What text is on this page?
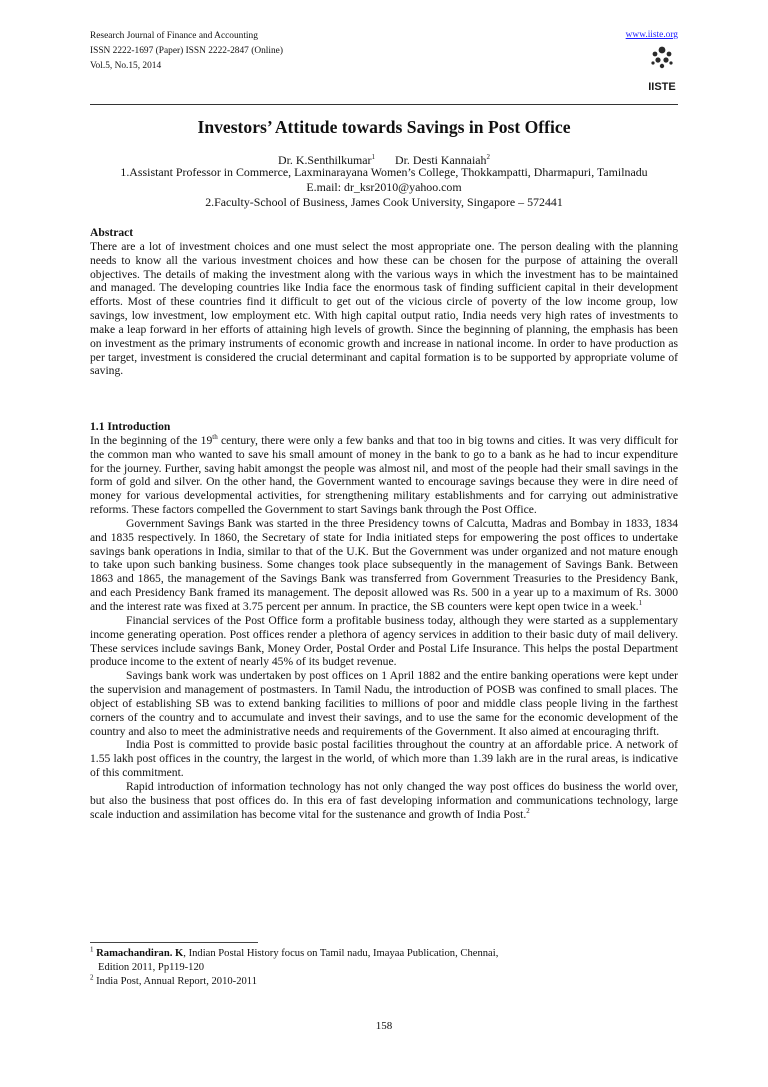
Research Journal of Finance and Accounting
ISSN 2222-1697 (Paper) ISSN 2222-2847 (Online)
Vol.5, No.15, 2014
www.iiste.org
IISTE
Investors’ Attitude towards Savings in Post Office
Dr. K.Senthilkumar$^1$ Dr. Desti Kannaiah$^2$
1.Assistant Professor in Commerce, Laxminarayana Women’s College, Thokkampatti, Dharmapuri, Tamilnadu
E.mail: dr_ksr2010@yahoo.com
2.Faculty-School of Business, James Cook University, Singapore – 572441

Abstract

There are a lot of investment choices and one must select the most appropriate one. The person dealing with the planning needs to know all the various investment choices and how these can be chosen for the purpose of attaining the overall objectives. The details of making the investment along with the various ways in which the investment has to be maintained and managed. The developing countries like India face the enormous task of finding sufficient capital in their development efforts. Most of these countries find it difficult to get out of the vicious circle of poverty of the low income group, low savings, low investment, low employment etc. With high capital output ratio, India needs very high rates of investments to make a leap forward in her efforts of attaining high levels of growth. Since the beginning of planning, the emphasis has been on investment as the primary instruments of economic growth and increase in national income. In order to have production as per target, investment is considered the crucial determinant and capital formation is to be supported by appropriate volume of saving.

1.1 Introduction

In the beginning of the 19th century, there were only a few banks and that too in big towns and cities. It was very difficult for the common man who wanted to save his small amount of money in the bank to go to a bank as he had to incur expenditure for the journey. Further, saving habit amongst the people was almost nil, and most of the people had their small savings in the form of gold and silver. On the other hand, the Government wanted to encourage savings because they were in dire need of money for various developmental activities, for strengthening military establishments and for carrying out administrative reforms. These factors compelled the Government to start Savings bank through the Post Office.

Government Savings Bank was started in the three Presidency towns of Calcutta, Madras and Bombay in 1833, 1834 and 1835 respectively. In 1860, the Secretary of state for India initiated steps for empowering the post offices to undertake savings bank operations in India, similar to that of the U.K. But the Government was under organized and not mature enough to take upon such banking business. Some changes took place subsequently in the management of Savings Bank. Between 1863 and 1865, the management of the Savings Bank was transferred from Government Treasuries to the Presidency Bank, and each Presidency Bank framed its management. The deposit allowed was Rs. 500 in a year up to a maximum of Rs. 3000 and the interest rate was fixed at 3.75 percent per annum. In practice, the SB counters were kept open twice in a week.$^1$

Financial services of the Post Office form a profitable business today, although they were started as a supplementary income generating operation. Post offices render a plethora of agency services in addition to their basic duty of mail delivery. These services include savings Bank, Money Order, Postal Order and Postal Life Insurance. This helps the postal Department produce income to the extent of nearly 45% of its budget revenue.

Savings bank work was undertaken by post offices on 1 April 1882 and the entire banking operations were kept under the supervision and management of postmasters. In Tamil Nadu, the introduction of POSB was confined to small places. The object of establishing SB was to extend banking facilities to millions of poor and middle class people living in the farthest corners of the country and to accumulate and invest their savings, and to use the same for the economic development of the country and also to meet the administrative needs and requirements of the Government. It also aimed at encouraging thrift.

India Post is committed to provide basic postal facilities throughout the country at an affordable price. A network of 1.55 lakh post offices in the country, the largest in the world, of which more than 1.39 lakh are in the rural areas, is indicative of this commitment.

Rapid introduction of information technology has not only changed the way post offices do business the world over, but also the business that post offices do. In this era of fast developing information and communications technology, large scale induction and assimilation has become vital for the sustenance and growth of India Post.$^2$

$^1$ Ramachandiran. K, Indian Postal History focus on Tamil nadu, Imayaa Publication, Chennai,
Edition 2011, Pp119-120
$^2$ India Post, Annual Report, 2010-2011
158
